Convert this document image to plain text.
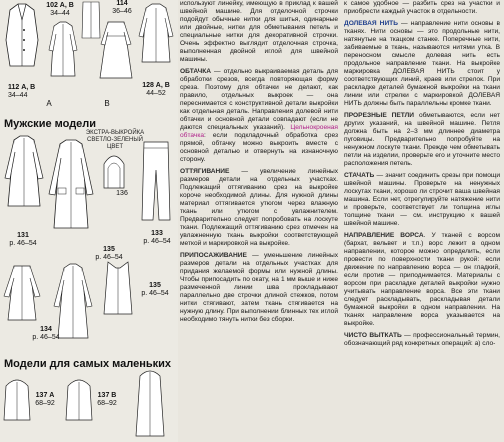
102 А, В
34–44
114
36–46
112 А, В
34–44
А	В
128 А, В
44–52
Мужские модели
ЭКСТРА-ВЫКРОЙКА СВЕТЛО-ЗЕЛЕНЫЙ ЦВЕТ
136
131
р. 46–54
135
р. 46–54
133
р. 46–54
135
р. 46–54
134
р. 46–54
Модели для самых маленьких
137 А
68–92
137 В
68–92

используют линейку, имеющую в приклад к вашей швейной машине. Для отделочной строчки подойдут обычные нитки для шитья, одинарные или двойные, нитки для обметывания петель и специальные нитки для декоративной строчки. Очень эффектно выглядит отделочная строчка, выполненная двойной иглой для швейной машины.

ОБТАЧКА — отдельно выкраиваемая деталь для обработки срезов, всегда повторяющая форму среза. Поэтому для обтачки не делают, как правило, отдельных выкроек — она переснимается с конструктивной детали выкройки как отдельная деталь. Направления долевой нити обтачки и основной детали совпадают (если не даются специальных указаний). Цельнокроеная обтачка: если подкладочный обработка срез прямой, обтачку можно выкроить вместе с основной деталью и отвернуть на изнаночную сторону.

ОТТЯГИВАНИЕ — увеличение линейных размеров детали на отдельных участках. Подлежащий оттягиванию срез на выкройке короче необходимой длины. Для нужной длины материал оттягивается утюгом через влажную ткань или утюгом с увлажнителем. Предварительно следует попробовать на лоскуте ткани. Подлежащий оттягиванию срез отмечен на увлажненную ткань выкройки соответствующей меткой и маркировкой на выкройке.

ПРИПОСАЖИВАНИЕ — уменьшение линейных размеров детали на отдельных участках для придания желаемой формы или нужной длины. Чтобы припосадить по окату, на 1 мм выше и ниже размеченной линии шва прокладывают параллельно две строчки длиной стежков, потом нитки стягивают, затем ткань стягивается на нужную длину. При выполнении блинных тех иглой необходимо тянуть нитки без сборки.

к самое удобное — разбить срез на участки и приобрести каждый участок в отдельности.

ДОЛЕВАЯ НИТЬ — направление нити основы в тканях. Нити основы — это продольные нити, натянутые на ткацком станке. Поперечные нити, забиваемые в ткань, называются нитями утка. В переносном смысле долевая нить есть продольное направление ткани. На выкройке маркировка ДОЛЕВАЯ НИТЬ стоит у соответствующих линий, краев или стрелок. При раскладке деталей бумажной выкройки на ткани линии или стрелки с маркировкой ДОЛЕВАЯ НИТЬ должны быть параллельны кромке ткани.

ПРОРЕЗНЫЕ ПЕТЛИ обметываются, если нет других указаний, на швейной машине. Петля должна быть на 2–3 мм длиннее диаметра пуговицы. Предварительно попробуйте на ненужном лоскуте ткани. Прежде чем обметывать петли на изделии, проверьте его и уточните место расположения петель.

СТАЧАТЬ — значит соединить срезы при помощи швейной машины. Проверьте на ненужных лоскутах ткани, хорошо ли строчит ваша швейная машина. Если нет, отрегулируйте натяжение нити и проверьте, соответствует ли толщина иглы толщине ткани — см. инструкцию к вашей швейной машине.

НАПРАВЛЕНИЕ ВОРСА. У тканей с ворсом (бархат, вельвет и т.п.) ворс лежит в одном направлении, которое можно определить, если провести по поверхности ткани рукой: если движение по направлению ворса — он гладкий, если против — приподнимается. Материалы с ворсом при раскладке деталей выкройки нужно учитывать направление ворса. Все эти ткани следует раскладывать, раскладывая детали бумажной выкройки в одном направлении. На тканях направление ворса указывается на выкройке.

ЧИСТО ВЫТКАТЬ — профессиональный термин, обозначающий ряд конкретных операций: а) сло-
